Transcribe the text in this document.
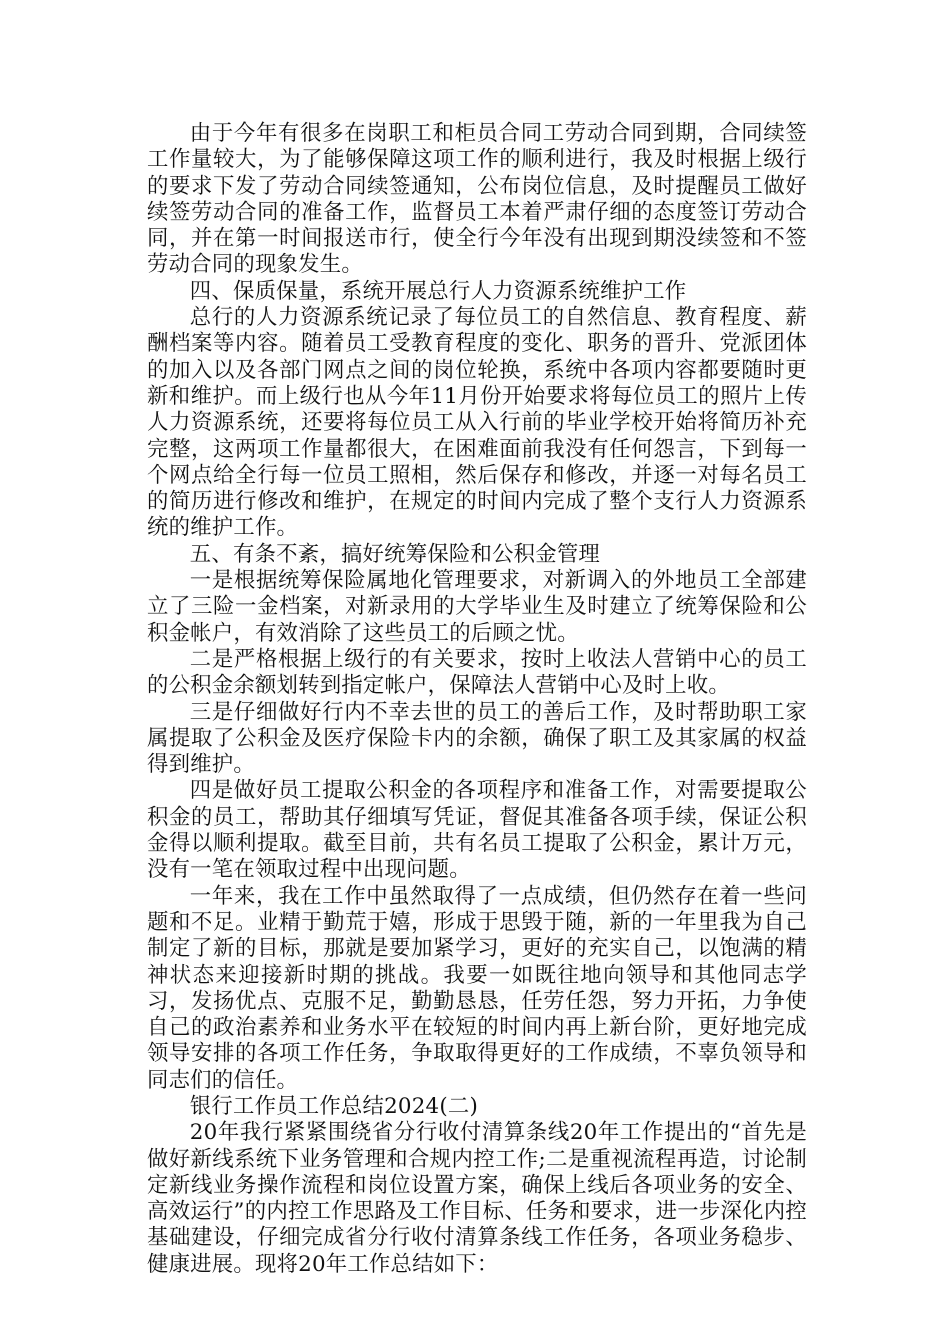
由于今年有很多在岗职工和柜员合同工劳动合同到期，合同续签工作量较大，为了能够保障这项工作的顺利进行，我及时根据上级行的要求下发了劳动合同续签通知，公布岗位信息，及时提醒员工做好续签劳动合同的准备工作，监督员工本着严肃仔细的态度签订劳动合同，并在第一时间报送市行，使全行今年没有出现到期没续签和不签劳动合同的现象发生。

四、保质保量，系统开展总行人力资源系统维护工作

总行的人力资源系统记录了每位员工的自然信息、教育程度、薪酬档案等内容。随着员工受教育程度的变化、职务的晋升、党派团体的加入以及各部门网点之间的岗位轮换，系统中各项内容都要随时更新和维护。而上级行也从今年11月份开始要求将每位员工的照片上传人力资源系统，还要将每位员工从入行前的毕业学校开始将简历补充完整，这两项工作量都很大，在困难面前我没有任何怨言，下到每一个网点给全行每一位员工照相，然后保存和修改，并逐一对每名员工的简历进行修改和维护，在规定的时间内完成了整个支行人力资源系统的维护工作。

五、有条不紊，搞好统筹保险和公积金管理

一是根据统筹保险属地化管理要求，对新调入的外地员工全部建立了三险一金档案，对新录用的大学毕业生及时建立了统筹保险和公积金帐户，有效消除了这些员工的后顾之忧。

二是严格根据上级行的有关要求，按时上收法人营销中心的员工的公积金余额划转到指定帐户，保障法人营销中心及时上收。

三是仔细做好行内不幸去世的员工的善后工作，及时帮助职工家属提取了公积金及医疗保险卡内的余额，确保了职工及其家属的权益得到维护。

四是做好员工提取公积金的各项程序和准备工作，对需要提取公积金的员工，帮助其仔细填写凭证，督促其准备各项手续，保证公积金得以顺利提取。截至目前，共有名员工提取了公积金，累计万元，没有一笔在领取过程中出现问题。

一年来，我在工作中虽然取得了一点成绩，但仍然存在着一些问题和不足。业精于勤荒于嬉，形成于思毁于随，新的一年里我为自己制定了新的目标，那就是要加紧学习，更好的充实自己，以饱满的精神状态来迎接新时期的挑战。我要一如既往地向领导和其他同志学习，发扬优点、克服不足，勤勤恳恳，任劳任怨，努力开拓，力争使自己的政治素养和业务水平在较短的时间内再上新台阶，更好地完成领导安排的各项工作任务，争取取得更好的工作成绩，不辜负领导和同志们的信任。

银行工作员工作总结2024(二)

20年我行紧紧围绕省分行收付清算条线20年工作提出的“首先是做好新线系统下业务管理和合规内控工作;二是重视流程再造，讨论制定新线业务操作流程和岗位设置方案，确保上线后各项业务的安全、高效运行”的内控工作思路及工作目标、任务和要求，进一步深化内控基础建设，仔细完成省分行收付清算条线工作任务，各项业务稳步、健康进展。现将20年工作总结如下：
